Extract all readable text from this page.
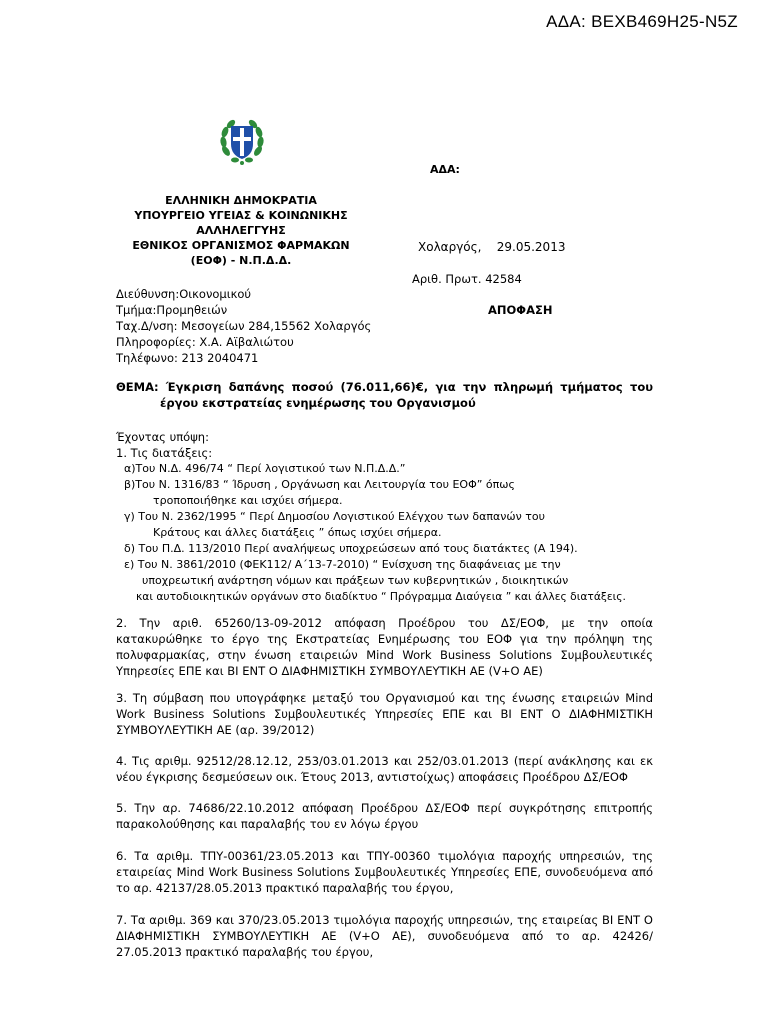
ΑΔΑ: ΒΕΧΒ469Η25-Ν5Ζ
ΑΔΑ:
ΕΛΛΗΝΙΚΗ ΔΗΜΟΚΡΑΤΙΑ
ΥΠΟΥΡΓΕΙΟ ΥΓΕΙΑΣ & ΚΟΙΝΩΝΙΚΗΣ
ΑΛΛΗΛΕΓΓΥΗΣ
ΕΘΝΙΚΟΣ ΟΡΓΑΝΙΣΜΟΣ ΦΑΡΜΑΚΩΝ
(ΕΟΦ) - Ν.Π.Δ.Δ.
Χολαργός,    29.05.2013
Αριθ. Πρωτ. 42584
Διεύθυνση:Οικονομικού
Τμήμα:Προμηθειών
Ταχ.Δ/νση: Μεσογείων 284,15562 Χολαργός
Πληροφορίες: Χ.Α. Αϊβαλιώτου
Τηλέφωνο: 213 2040471
ΑΠΟΦΑΣΗ
ΘΕΜΑ: Έγκριση δαπάνης ποσού (76.011,66)€, για την πληρωμή τμήματος του
έργου εκστρατείας ενημέρωσης του Οργανισμού
Έχοντας υπόψη:
1. Τις διατάξεις:
α)Του Ν.Δ. 496/74 “ Περί λογιστικού των Ν.Π.Δ.Δ.”
β)Του Ν. 1316/83 “ Ίδρυση , Οργάνωση και Λειτουργία του ΕΟΦ” όπως
τροποποιήθηκε και ισχύει σήμερα.
γ) Του Ν. 2362/1995 “ Περί Δημοσίου Λογιστικού Ελέγχου των δαπανών του
Κράτους και άλλες διατάξεις ” όπως ισχύει σήμερα.
δ) Του Π.Δ. 113/2010 Περί αναλήψεως υποχρεώσεων από τους διατάκτες (Α 194).
ε) Του Ν. 3861/2010 (ΦΕΚ112/ Α΄13-7-2010) “ Ενίσχυση της διαφάνειας με την
υποχρεωτική ανάρτηση νόμων και πράξεων των κυβερνητικών , διοικητικών
και αυτοδιοικητικών οργάνων στο διαδίκτυο “ Πρόγραμμα Διαύγεια ” και άλλες διατάξεις.
2. Την αριθ. 65260/13-09-2012 απόφαση Προέδρου του ΔΣ/ΕΟΦ, με την οποία
κατακυρώθηκε το έργο της Εκστρατείας Ενημέρωσης του ΕΟΦ για την πρόληψη της
πολυφαρμακίας, στην ένωση εταιρειών Mind Work Business Solutions Συμβουλευτικές
Υπηρεσίες ΕΠΕ και ΒΙ ΕΝΤ Ο ΔΙΑΦΗΜΙΣΤΙΚΗ ΣΥΜΒΟΥΛΕΥΤΙΚΗ ΑΕ (V+O AE)
3. Τη σύμβαση που υπογράφηκε μεταξύ του Οργανισμού και της ένωσης εταιρειών Mind
Work Business Solutions Συμβουλευτικές Υπηρεσίες ΕΠΕ και ΒΙ ΕΝΤ Ο ΔΙΑΦΗΜΙΣΤΙΚΗ
ΣΥΜΒΟΥΛΕΥΤΙΚΗ ΑΕ (αρ. 39/2012)
4. Τις αριθμ. 92512/28.12.12, 253/03.01.2013 και 252/03.01.2013 (περί ανάκλησης και εκ
νέου έγκρισης δεσμεύσεων οικ. Έτους 2013, αντιστοίχως) αποφάσεις Προέδρου ΔΣ/ΕΟΦ
5. Την αρ. 74686/22.10.2012 απόφαση Προέδρου ΔΣ/ΕΟΦ περί συγκρότησης επιτροπής
παρακολούθησης και παραλαβής του εν λόγω έργου
6. Τα αριθμ. ΤΠΥ-00361/23.05.2013 και ΤΠΥ-00360 τιμολόγια παροχής υπηρεσιών, της
εταιρείας Mind Work Business Solutions Συμβουλευτικές Υπηρεσίες ΕΠΕ, συνοδευόμενα από
το αρ. 42137/28.05.2013 πρακτικό παραλαβής του έργου,
7. Τα αριθμ. 369 και 370/23.05.2013 τιμολόγια παροχής υπηρεσιών, της εταιρείας ΒΙ ΕΝΤ Ο
ΔΙΑΦΗΜΙΣΤΙΚΗ ΣΥΜΒΟΥΛΕΥΤΙΚΗ ΑΕ (V+O AE), συνοδευόμενα από το αρ. 42426/
27.05.2013 πρακτικό παραλαβής του έργου,
